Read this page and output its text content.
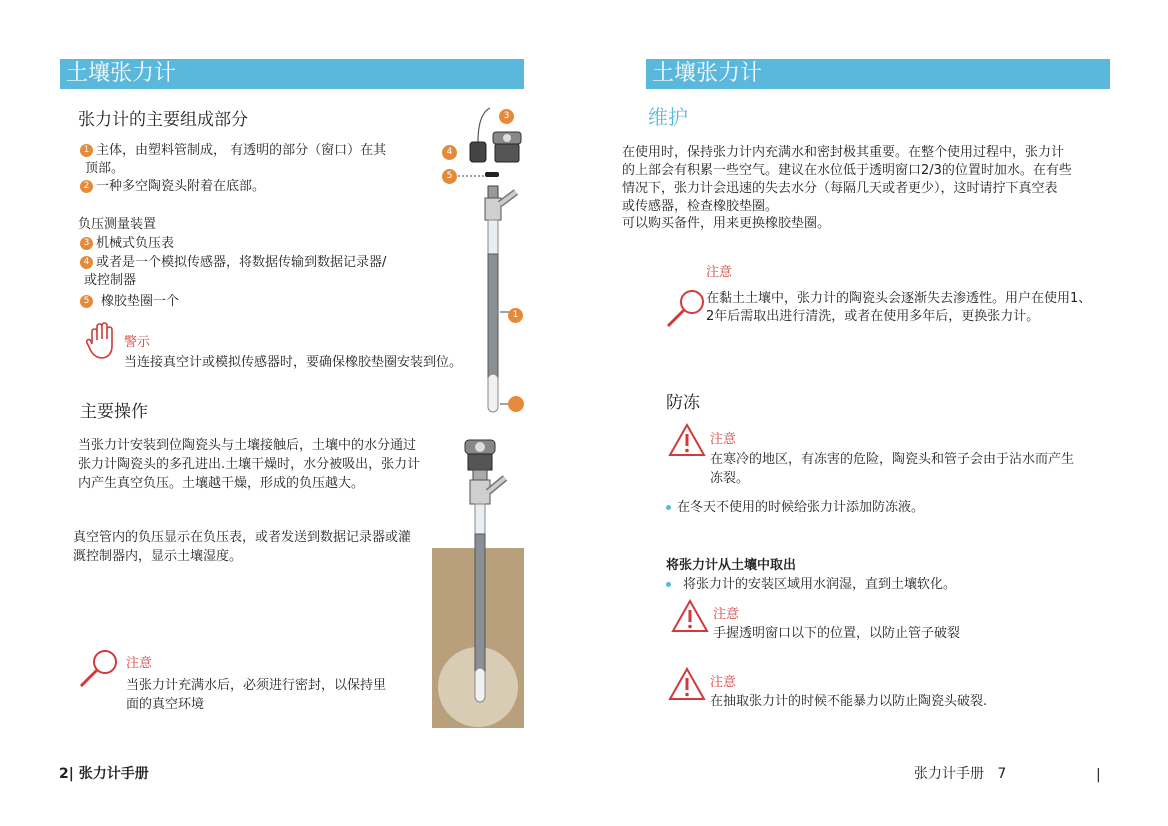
土壤张力计
张力计的主要组成部分
1 主体，由塑料管制成， 有透明的部分（窗口）在其
顶部。
2 一种多空陶瓷头附着在底部。
负压测量装置
3 机械式负压表
4 或者是一个模拟传感器，将数据传输到数据记录器/
或控制器
5 橡胶垫圈一个
警示
当连接真空计或模拟传感器时，要确保橡胶垫圈安装到位。
主要操作
当张力计安装到位陶瓷头与土壤接触后，土壤中的水分通过
张力计陶瓷头的多孔进出.土壤干燥时，水分被吸出，张力计
内产生真空负压。土壤越干燥，形成的负压越大。
真空管内的负压显示在负压表，或者发送到数据记录器或灌
溉控制器内，显示土壤湿度。
注意
当张力计充满水后，必须进行密封，以保持里
面的真空环境
3
4
5
1
2| 张力计手册
土壤张力计
维护
在使用时，保持张力计内充满水和密封极其重要。在整个使用过程中，张力计
的上部会有积累一些空气。建议在水位低于透明窗口2/3的位置时加水。在有些
情况下，张力计会迅速的失去水分（每隔几天或者更少），这时请拧下真空表
或传感器，检查橡胶垫圈。
可以购买备件，用来更换橡胶垫圈。
注意
在黏土土壤中，张力计的陶瓷头会逐渐失去渗透性。用户在使用1、
2年后需取出进行清洗，或者在使用多年后，更换张力计。
防冻
注意
在寒冷的地区，有冻害的危险，陶瓷头和管子会由于沾水而产生
冻裂。
在冬天不使用的时候给张力计添加防冻液。
将张力计从土壤中取出
将张力计的安装区域用水润湿，直到土壤软化。
注意
手握透明窗口以下的位置，以防止管子破裂
注意
在抽取张力计的时候不能暴力以防止陶瓷头破裂.
张力计手册   7	|
